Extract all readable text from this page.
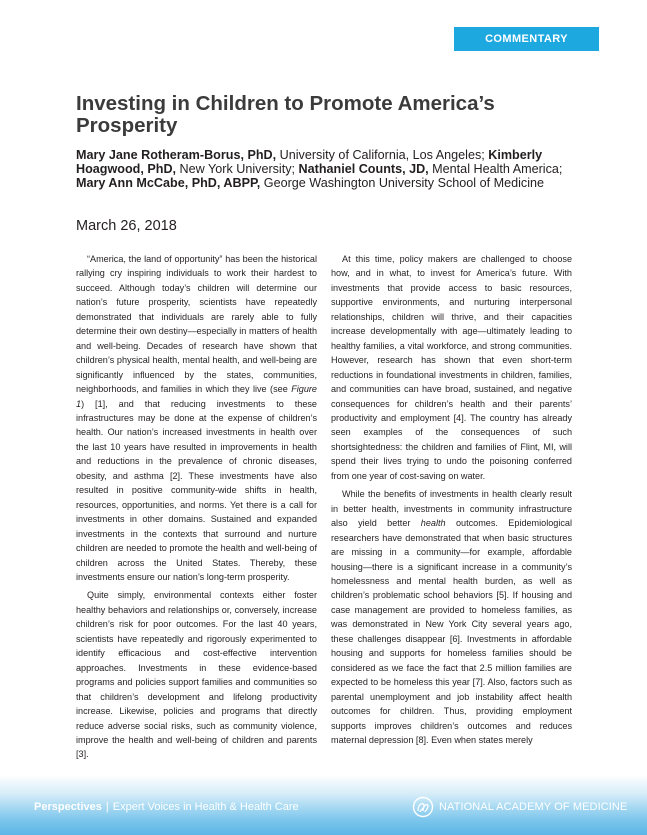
COMMENTARY
Investing in Children to Promote America’s Prosperity
Mary Jane Rotheram-Borus, PhD, University of California, Los Angeles; Kimberly Hoagwood, PhD, New York University; Nathaniel Counts, JD, Mental Health America; Mary Ann McCabe, PhD, ABPP, George Washington University School of Medicine
March 26, 2018

“America, the land of opportunity” has been the historical rallying cry inspiring individuals to work their hardest to succeed. Although today’s children will determine our nation’s future prosperity, scientists have repeatedly demonstrated that individuals are rarely able to fully determine their own destiny—especially in matters of health and well-being. Decades of research have shown that children’s physical health, mental health, and well-being are significantly influenced by the states, communities, neighborhoods, and families in which they live (see Figure 1) [1], and that reducing investments to these infrastructures may be done at the expense of children’s health. Our nation’s increased investments in health over the last 10 years have resulted in improvements in health and reductions in the prevalence of chronic diseases, obesity, and asthma [2]. These investments have also resulted in positive community-wide shifts in health, resources, opportunities, and norms. Yet there is a call for investments in other domains. Sustained and expanded investments in the contexts that surround and nurture children are needed to promote the health and well-being of children across the United States. Thereby, these investments ensure our nation’s long-term prosperity.

Quite simply, environmental contexts either foster healthy behaviors and relationships or, conversely, increase children’s risk for poor outcomes. For the last 40 years, scientists have repeatedly and rigorously experimented to identify efficacious and cost-effective intervention approaches. Investments in these evidence-based programs and policies support families and communities so that children’s development and lifelong productivity increase. Likewise, policies and programs that directly reduce adverse social risks, such as community violence, improve the health and well-being of children and parents [3].

At this time, policy makers are challenged to choose how, and in what, to invest for America’s future. With investments that provide access to basic resources, supportive environments, and nurturing interpersonal relationships, children will thrive, and their capacities increase developmentally with age—ultimately leading to healthy families, a vital workforce, and strong communities. However, research has shown that even short-term reductions in foundational investments in children, families, and communities can have broad, sustained, and negative consequences for children’s health and their parents’ productivity and employment [4]. The country has already seen examples of the consequences of such shortsightedness: the children and families of Flint, MI, will spend their lives trying to undo the poisoning conferred from one year of cost-saving on water.

While the benefits of investments in health clearly result in better health, investments in community infrastructure also yield better health outcomes. Epidemiological researchers have demonstrated that when basic structures are missing in a community—for example, affordable housing—there is a significant increase in a community’s homelessness and mental health burden, as well as children’s problematic school behaviors [5]. If housing and case management are provided to homeless families, as was demonstrated in New York City several years ago, these challenges disappear [6]. Investments in affordable housing and supports for homeless families should be considered as we face the fact that 2.5 million families are expected to be homeless this year [7]. Also, factors such as parental unemployment and job instability affect health outcomes for children. Thus, providing employment supports improves children’s outcomes and reduces maternal depression [8]. Even when states merely

Perspectives | Expert Voices in Health & Health Care	NATIONAL ACADEMY OF MEDICINE
